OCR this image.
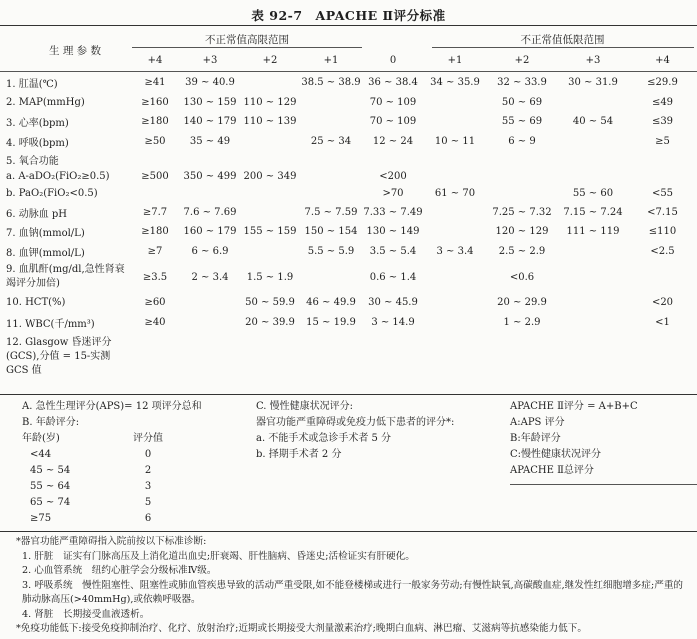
表 92-7　APACHE Ⅱ评分标准
生 理 参 数
不正常值高限范围	不正常值低限范围
+4	+3	+2	+1	0	+1	+2	+3	+4
1. 肛温(℃)	≥41	39 ~ 40.9		38.5 ~ 38.9	36 ~ 38.4	34 ~ 35.9	32 ~ 33.9	30 ~ 31.9	≤29.9
2. MAP(mmHg)	≥160	130 ~ 159	110 ~ 129		70 ~ 109		50 ~ 69		≤49
3. 心率(bpm)	≥180	140 ~ 179	110 ~ 139		70 ~ 109		55 ~ 69	40 ~ 54	≤39
4. 呼吸(bpm)	≥50	35 ~ 49		25 ~ 34	12 ~ 24	10 ~ 11	6 ~ 9		≥5
5. 氧合功能									
a. A-aDO₂(FiO₂≥0.5)	≥500	350 ~ 499	200 ~ 349		<200				
b. PaO₂(FiO₂<0.5)					>70	61 ~ 70		55 ~ 60	<55
6. 动脉血 pH	≥7.7	7.6 ~ 7.69		7.5 ~ 7.59	7.33 ~ 7.49		7.25 ~ 7.32	7.15 ~ 7.24	<7.15
7. 血钠(mmol/L)	≥180	160 ~ 179	155 ~ 159	150 ~ 154	130 ~ 149		120 ~ 129	111 ~ 119	≤110
8. 血钾(mmol/L)	≥7	6 ~ 6.9		5.5 ~ 5.9	3.5 ~ 5.4	3 ~ 3.4	2.5 ~ 2.9		<2.5
9. 血肌酐(mg/dl,急性肾衰竭评分加倍)	≥3.5	2 ~ 3.4	1.5 ~ 1.9		0.6 ~ 1.4		<0.6		
10. HCT(%)	≥60		50 ~ 59.9	46 ~ 49.9	30 ~ 45.9		20 ~ 29.9		<20
11. WBC(千/mm³)	≥40		20 ~ 39.9	15 ~ 19.9	3 ~ 14.9		1 ~ 2.9		<1
12. Glasgow 昏迷评分(GCS),分值 = 15-实测 GCS 值									
A. 急性生理评分(APS)= 12 项评分总和
B. 年龄评分:
年龄(岁)	评分值
<44	0
45 ~ 54	2
55 ~ 64	3
65 ~ 74	5
≥75	6
C. 慢性健康状况评分:
器官功能严重障碍或免疫力低下患者的评分*:
a. 不能手术或急诊手术者 5 分
b. 择期手术者 2 分
APACHE Ⅱ评分 = A+B+C
A:APS 评分
B:年龄评分
C:慢性健康状况评分
APACHE Ⅱ总评分
*器官功能严重障碍指入院前按以下标准诊断:
1. 肝脏　证实有门脉高压及上消化道出血史;肝衰竭、肝性脑病、昏迷史;活检证实有肝硬化。
2. 心血管系统　纽约心脏学会分级标准Ⅳ级。
3. 呼吸系统　慢性阻塞性、阻塞性或肺血管疾患导致的活动严重受限,如不能登楼梯或进行一般家务劳动;有慢性缺氧,高碳酸血症,继发性红细胞增多症;严重的肺动脉高压(>40mmHg),或依赖呼吸器。
4. 肾脏　长期接受血液透析。
*免疫功能低下:接受免疫抑制治疗、化疗、放射治疗;近期或长期接受大剂量激素治疗;晚期白血病、淋巴瘤、艾滋病等抗感染能力低下。
